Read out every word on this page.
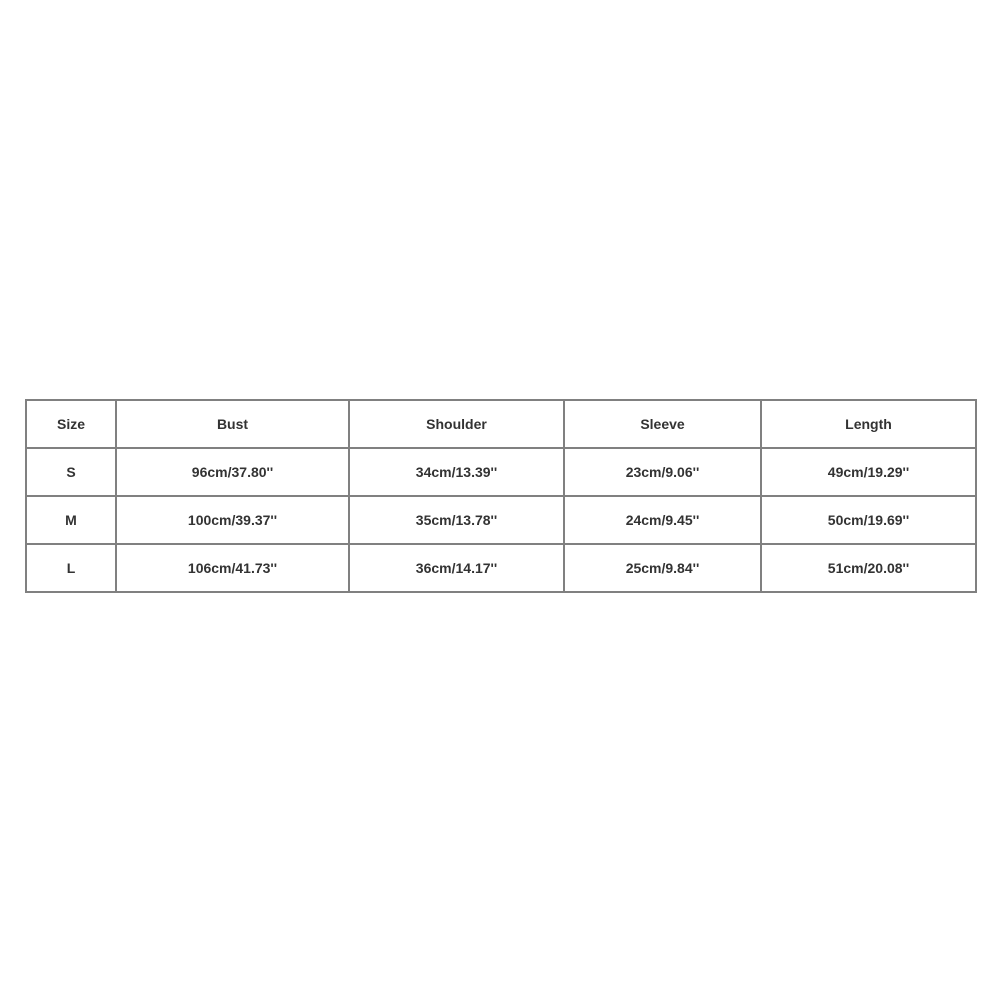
Size	Bust	Shoulder	Sleeve	Length
S	96cm/37.80''	34cm/13.39''	23cm/9.06''	49cm/19.29''
M	100cm/39.37''	35cm/13.78''	24cm/9.45''	50cm/19.69''
L	106cm/41.73''	36cm/14.17''	25cm/9.84''	51cm/20.08''
